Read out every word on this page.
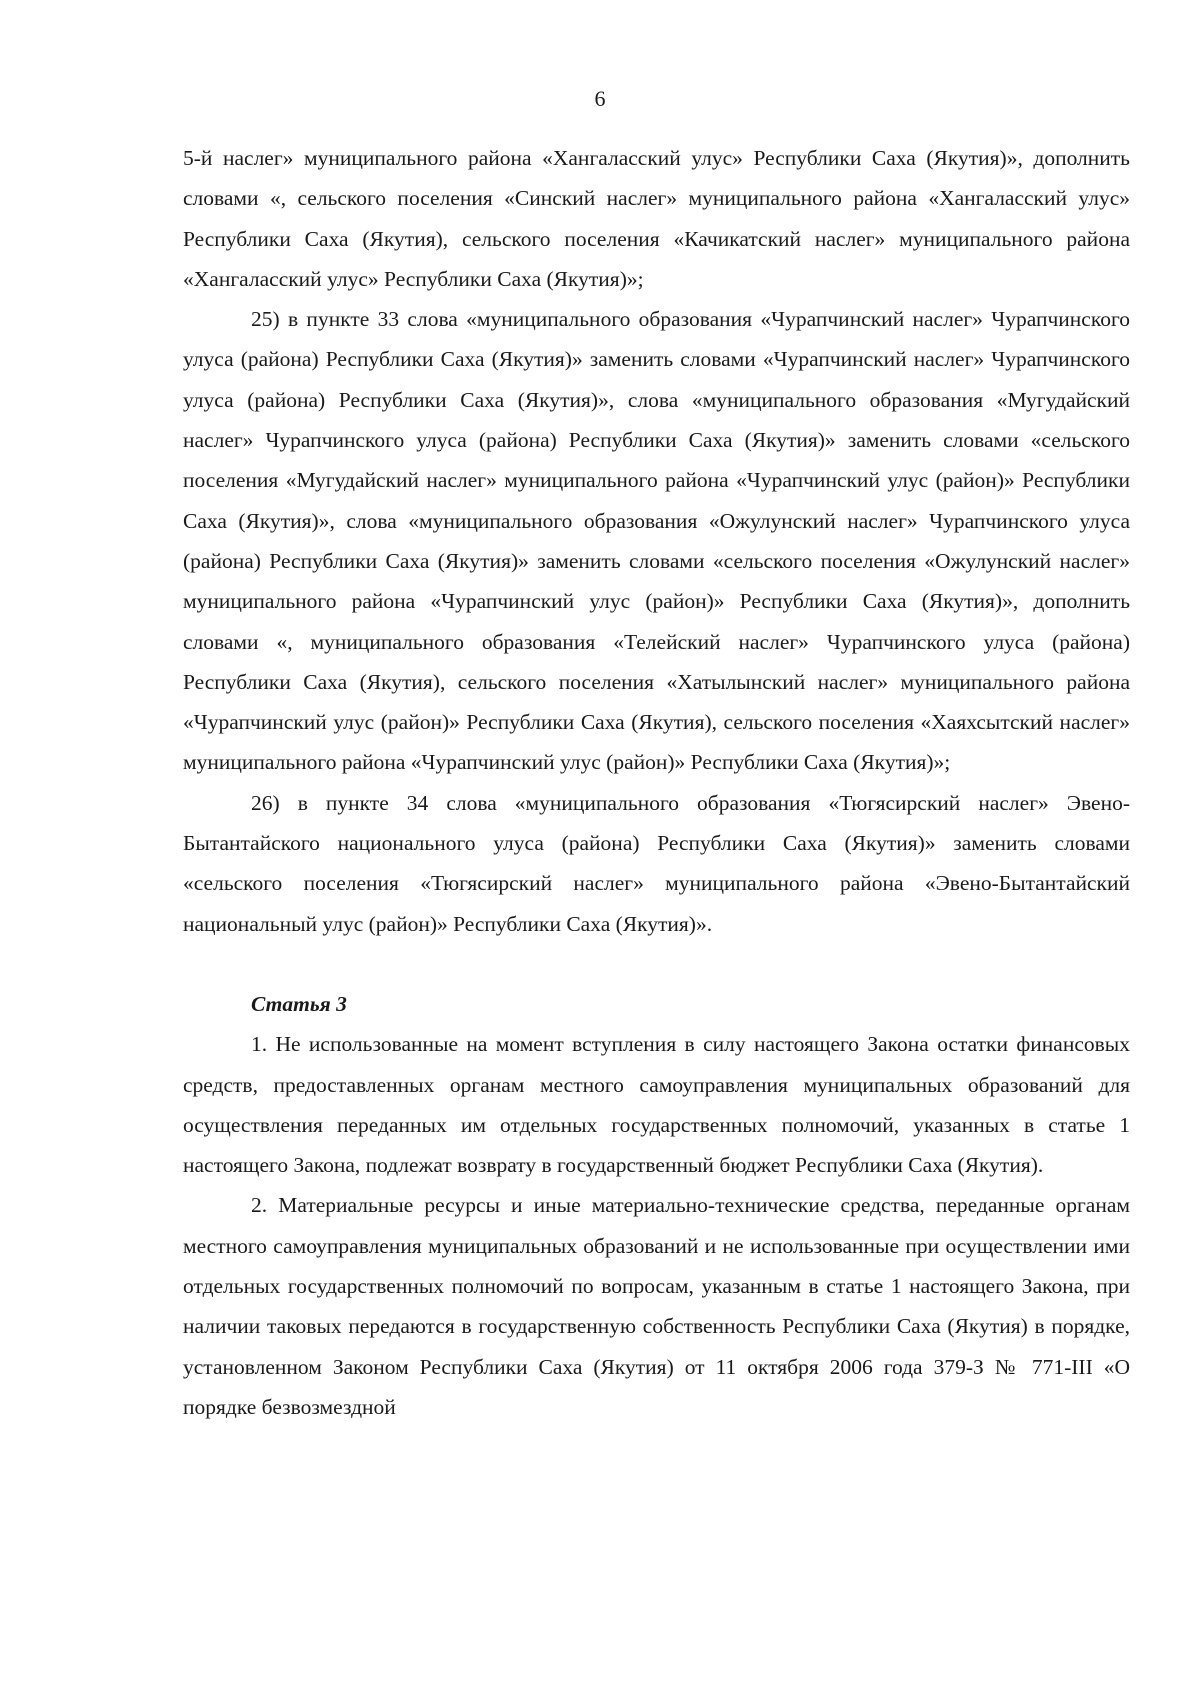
6

5-й наслег» муниципального района «Хангаласский улус» Республики Саха (Якутия)», дополнить словами «, сельского поселения «Синский наслег» муниципального района «Хангаласский улус» Республики Саха (Якутия), сельского поселения «Качикатский наслег» муниципального района «Хангаласский улус» Республики Саха (Якутия)»;

25) в пункте 33 слова «муниципального образования «Чурапчинский наслег» Чурапчинского улуса (района) Республики Саха (Якутия)» заменить словами «Чурапчинский наслег» Чурапчинского улуса (района) Республики Саха (Якутия)», слова «муниципального образования «Мугудайский наслег» Чурапчинского улуса (района) Республики Саха (Якутия)» заменить словами «сельского поселения «Мугудайский наслег» муниципального района «Чурапчинский улус (район)» Республики Саха (Якутия)», слова «муниципального образования «Ожулунский наслег» Чурапчинского улуса (района) Республики Саха (Якутия)» заменить словами «сельского поселения «Ожулунский наслег» муниципального района «Чурапчинский улус (район)» Республики Саха (Якутия)», дополнить словами «, муниципального образования «Телейский наслег» Чурапчинского улуса (района) Республики Саха (Якутия), сельского поселения «Хатылынский наслег» муниципального района «Чурапчинский улус (район)» Республики Саха (Якутия), сельского поселения «Хаяхсытский наслег» муниципального района «Чурапчинский улус (район)» Республики Саха (Якутия)»;

26) в пункте 34 слова «муниципального образования «Тюгясирский наслег» Эвено-Бытантайского национального улуса (района) Республики Саха (Якутия)» заменить словами «сельского поселения «Тюгясирский наслег» муниципального района «Эвено-Бытантайский национальный улус (район)» Республики Саха (Якутия)».

Статья 3

1. Не использованные на момент вступления в силу настоящего Закона остатки финансовых средств, предоставленных органам местного самоуправления муниципальных образований для осуществления переданных им отдельных государственных полномочий, указанных в статье 1 настоящего Закона, подлежат возврату в государственный бюджет Республики Саха (Якутия).

2. Материальные ресурсы и иные материально-технические средства, переданные органам местного самоуправления муниципальных образований и не использованные при осуществлении ими отдельных государственных полномочий по вопросам, указанным в статье 1 настоящего Закона, при наличии таковых передаются в государственную собственность Республики Саха (Якутия) в порядке, установленном Законом Республики Саха (Якутия) от 11 октября 2006 года 379-З № 771-III «О порядке безвозмездной
